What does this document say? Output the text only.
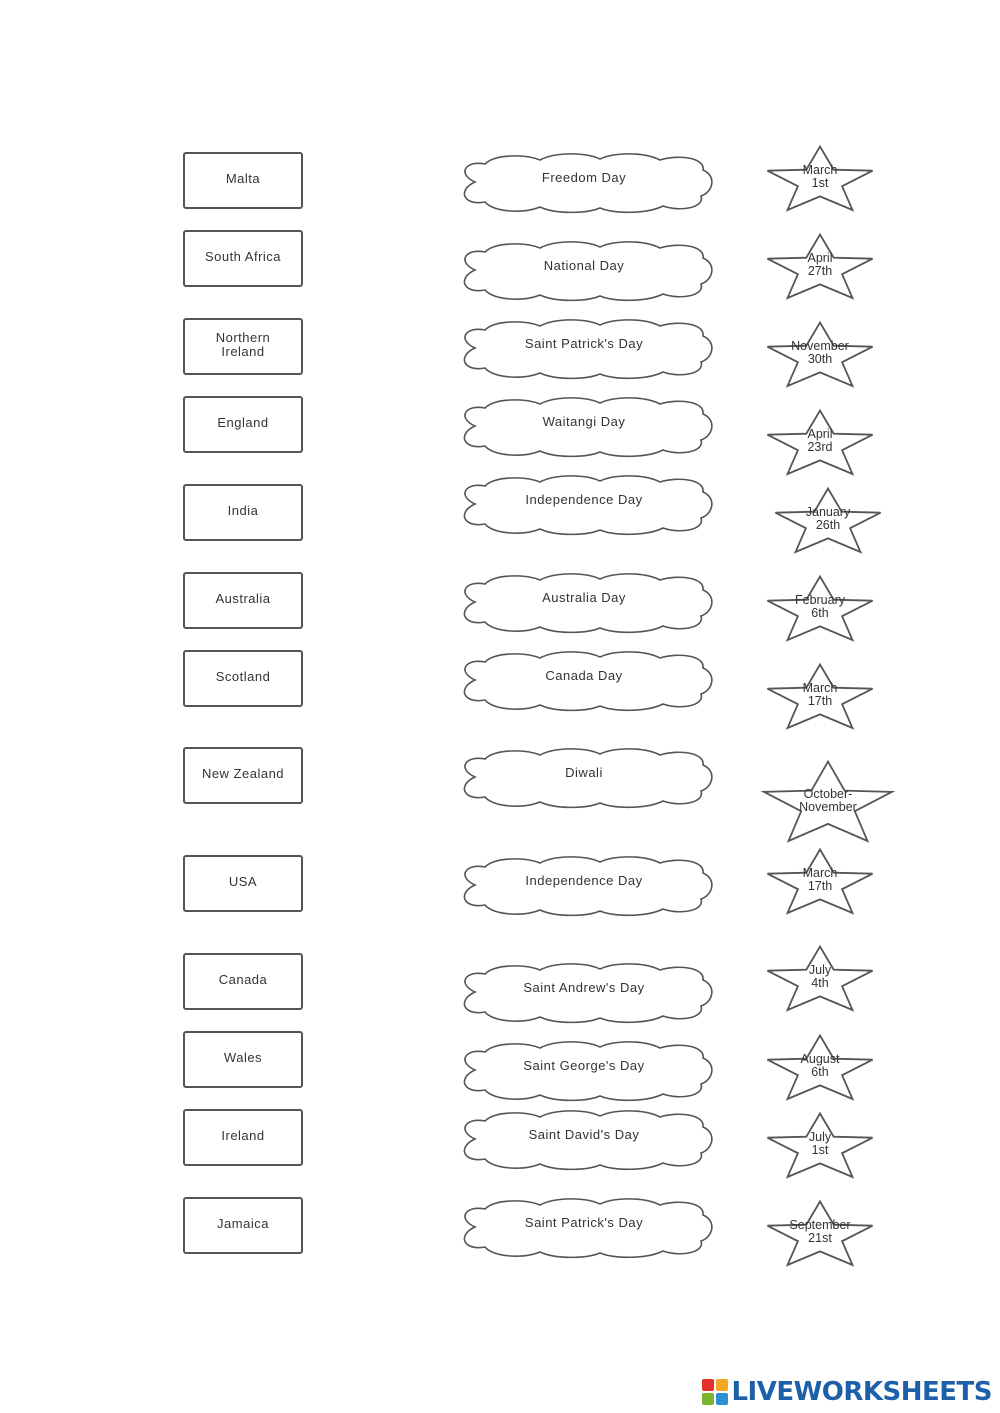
Malta
South Africa
Northern Ireland
England
India
Australia
Scotland
New Zealand
USA
Canada
Wales
Ireland
Jamaica
Freedom Day
National Day
Saint Patrick's Day
Waitangi Day
Independence Day
Australia Day
Canada Day
Diwali
Independence Day
Saint Andrew's Day
Saint George's Day
Saint David's Day
Saint Patrick's Day
March
1st
April
27th
November
30th
April
23rd
January
26th
February
6th
March
17th
October-
November
March
17th
July
4th
August
6th
July
1st
September
21st
LIVEWORKSHEETS
